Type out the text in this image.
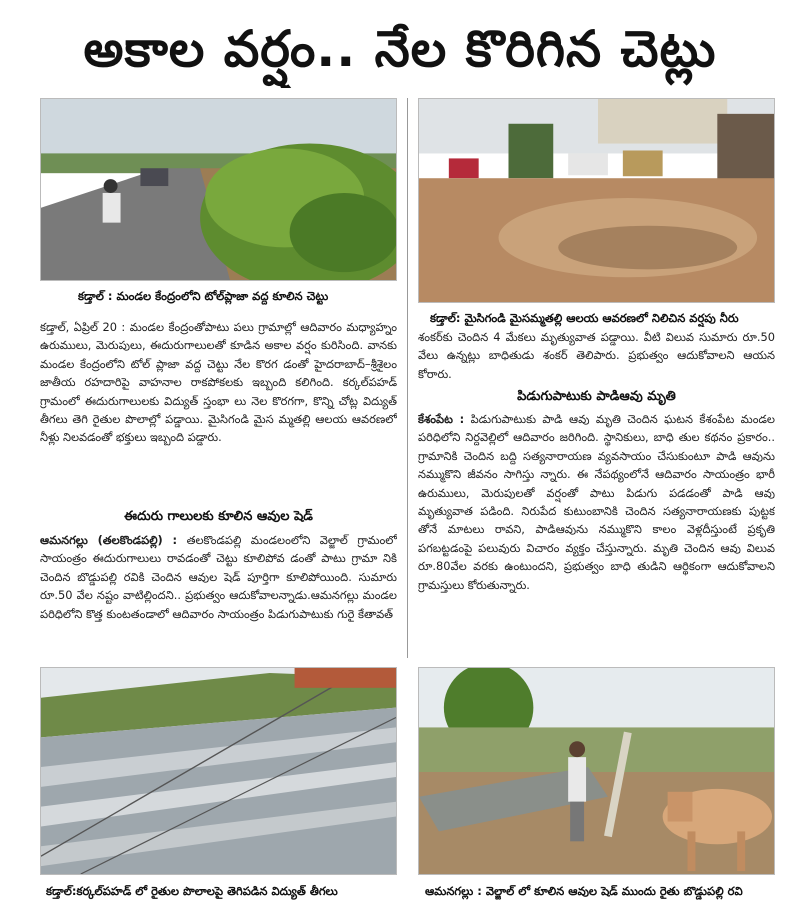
అకాల వర్షం.. నేల కొరిగిన చెట్లు
కడ్తాల్ : మండల కేంద్రంలోని టోల్‌ప్లాజా వద్ద కూలిన చెట్టు
కడ్తాల్: మైసిగండి మైసమ్మతల్లి ఆలయ ఆవరణలో నిలిచిన వర్షపు నీరు
కడ్తాల్, ఏప్రిల్ 20 : మండల కేంద్రంతోపాటు పలు గ్రామాల్లో ఆదివారం మధ్యాహ్నం ఉరుములు, మెరుపులు, ఈదురుగాలులతో కూడిన అకాల వర్షం కురిసింది. వానకు మండల కేంద్రంలోని టోల్ ప్లాజా వద్ద చెట్టు నేల కొరగ డంతో హైదరాబాద్–శ్రీశైలం జాతీయ రహదారిపై వాహనాల రాకపోకలకు ఇబ్బంది కలిగింది. కర్కల్‌పహడ్ గ్రామంలో ఈదురుగాలులకు విద్యుత్ స్తంభా లు నెల కొరగగా, కొన్ని చోట్ల విద్యుత్ తీగలు తెగి రైతుల పొలాల్లో పడ్డాయి. మైసిగండి మైస మ్మతల్లి ఆలయ ఆవరణలో నీళ్లు నిలవడంతో భక్తులు ఇబ్బంది పడ్డారు.
ఈదురు గాలులకు కూలిన ఆవుల షెడ్
ఆమనగల్లు (తలకొండపల్లి) : తలకొండపల్లి మండలంలోని వెల్జాల్ గ్రామంలో సాయంత్రం ఈదురుగాలులు రావడంతో చెట్టు కూలిపోవ డంతో పాటు గ్రామా నికి చెందిన బొడ్డుపల్లి రవికి చెందిన ఆవుల షెడ్ పూర్తిగా కూలిపోయింది. సుమారు రూ.50 వేల నష్టం వాటిల్లిందని.. ప్రభుత్వం ఆదుకోవాలన్నాడు.ఆమనగల్లు మండల పరిధిలోని కొత్త కుంటతండాలో ఆదివారం సాయంత్రం పిడుగుపాటుకు గురై కేతావత్
శంకర్‌కు చెందిన 4 మేకలు మృత్యువాత పడ్డాయి. వీటి విలువ సుమారు రూ.50 వేలు ఉన్నట్లు బాధితుడు శంకర్ తెలిపారు. ప్రభుత్వం ఆదుకోవాలని ఆయన కోరారు.
పిడుగుపాటుకు పాడిఆవు మృతి
కేశంపేట : పిడుగుపాటుకు పాడి ఆవు మృతి చెందిన ఘటన కేశంపేట మండల పరిధిలోని నిర్దవెల్లిలో ఆదివారం జరిగింది. స్థానికులు, బాధి తుల కథనం ప్రకారం.. గ్రామానికి చెందిన బద్ది సత్యనారాయణ వ్యవసాయం చేసుకుంటూ పాడి ఆవును నమ్ముకొని జీవనం సాగిస్తు న్నారు. ఈ నేపథ్యంలోనే ఆదివారం సాయంత్రం భారీ ఉరుములు, మెరుపులతో వర్షంతో పాటు పిడుగు పడడంతో పాడి ఆవు మృత్యువాత పడింది. నిరుపేద కుటుంబానికి చెందిన సత్యనారాయణకు పుట్టక తోనే మాటలు రావని, పాడిఆవును నమ్ముకొని కాలం వెళ్లదీస్తుంటే ప్రకృతి పగబట్టడంపై పలువురు విచారం వ్యక్తం చేస్తున్నారు. మృతి చెందిన ఆవు విలువ రూ.80వేల వరకు ఉంటుందని, ప్రభుత్వం బాధి తుడిని ఆర్థికంగా ఆదుకోవాలని గ్రామస్తులు కోరుతున్నారు.
కడ్తాల్:కర్కల్‌పహడ్ లో రైతుల పొలాలపై తెగిపడిన విద్యుత్ తీగలు	ఆమనగల్లు : వెల్జాల్ లో కూలిన ఆవుల షెడ్ ముందు రైతు బొడ్డుపల్లి రవి
